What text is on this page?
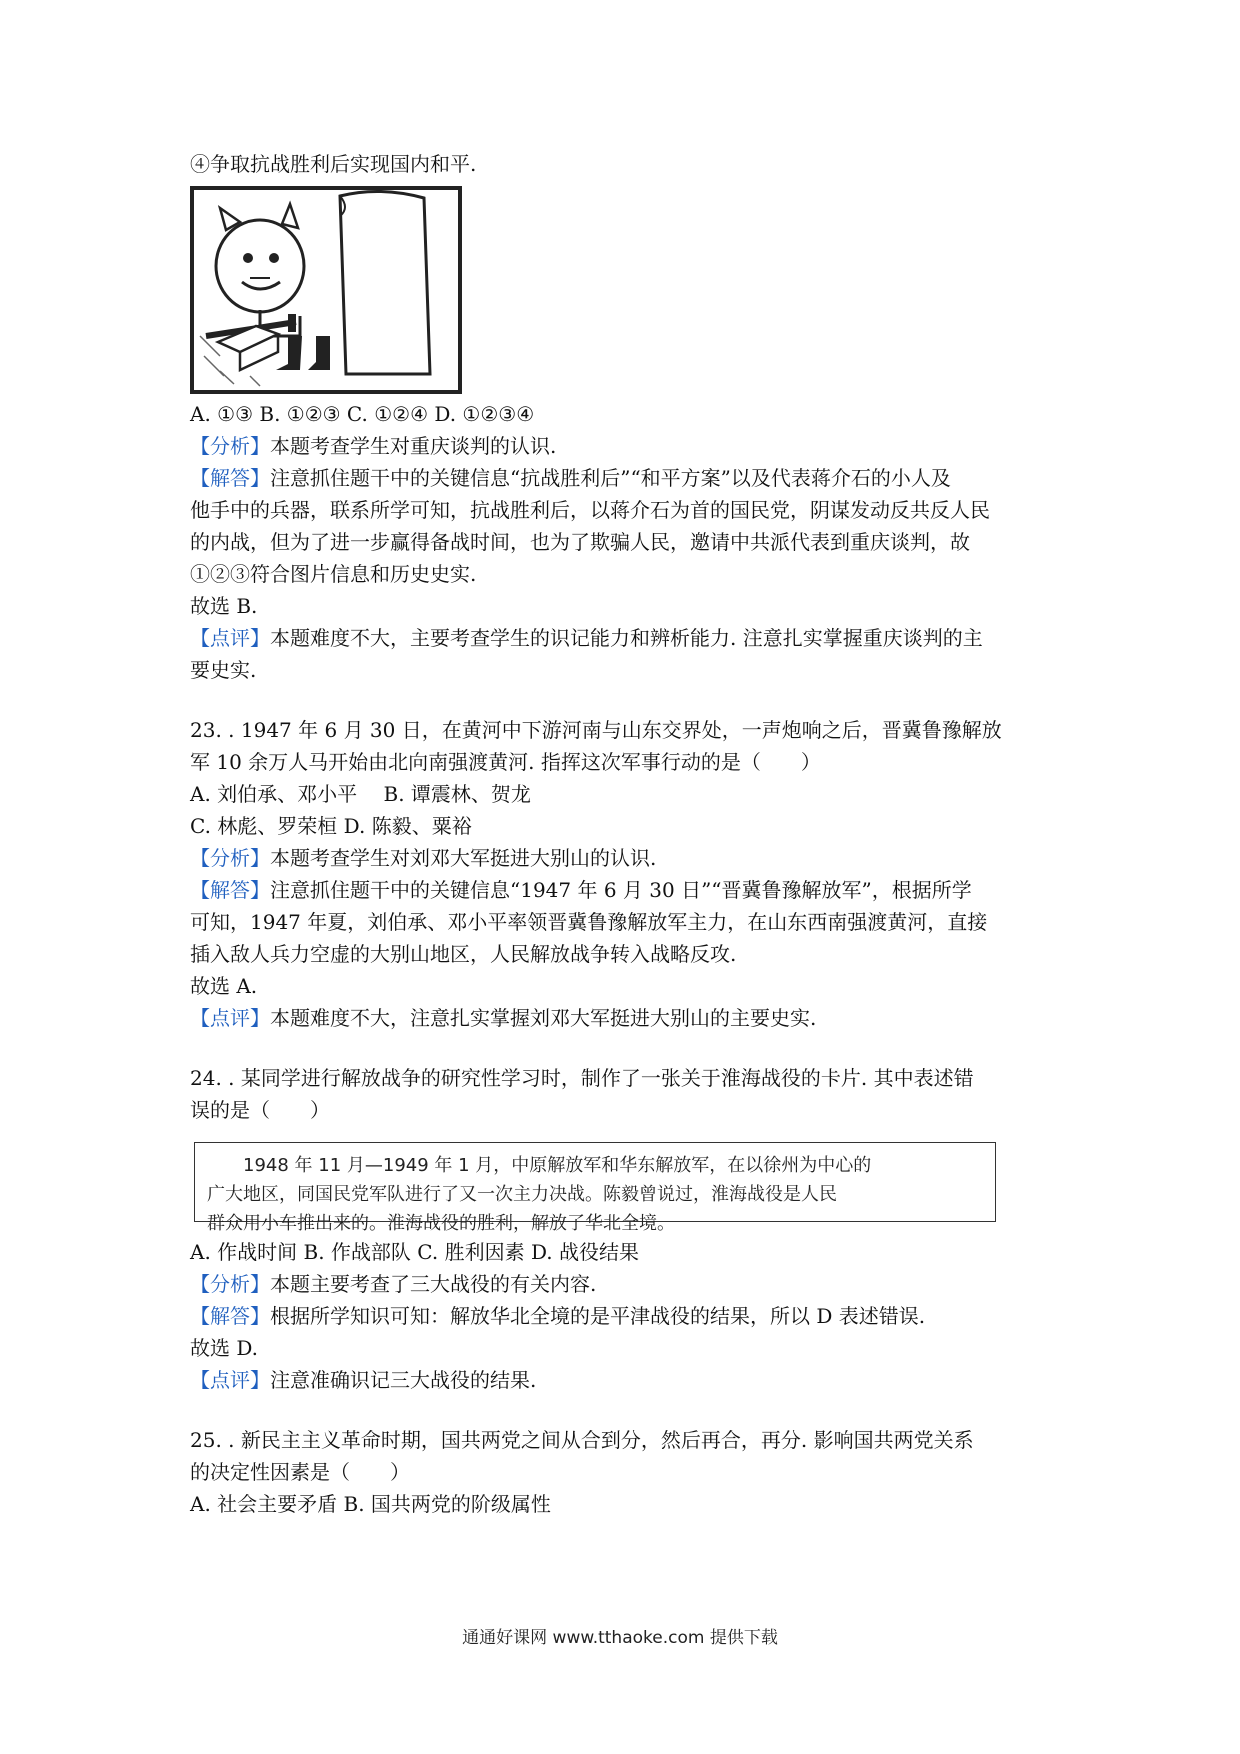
④争取抗战胜利后实现国内和平.
A. ①③ B. ①②③ C. ①②④ D. ①②③④
【分析】本题考查学生对重庆谈判的认识.
【解答】注意抓住题干中的关键信息“抗战胜利后”“和平方案”以及代表蒋介石的小人及
他手中的兵器，联系所学可知，抗战胜利后，以蒋介石为首的国民党，阴谋发动反共反人民
的内战，但为了进一步赢得备战时间，也为了欺骗人民，邀请中共派代表到重庆谈判，故
①②③符合图片信息和历史史实.
故选 B.
【点评】本题难度不大，主要考查学生的识记能力和辨析能力. 注意扎实掌握重庆谈判的主
要史实.
23. . 1947 年 6 月 30 日，在黄河中下游河南与山东交界处，一声炮响之后，晋冀鲁豫解放
军 10 余万人马开始由北向南强渡黄河. 指挥这次军事行动的是（　　）
A. 刘伯承、邓小平　 B. 谭震林、贺龙
C. 林彪、罗荣桓 D. 陈毅、粟裕
【分析】本题考查学生对刘邓大军挺进大别山的认识.
【解答】注意抓住题干中的关键信息“1947 年 6 月 30 日”“晋冀鲁豫解放军”，根据所学
可知，1947 年夏，刘伯承、邓小平率领晋冀鲁豫解放军主力，在山东西南强渡黄河，直接
插入敌人兵力空虚的大别山地区，人民解放战争转入战略反攻.
故选 A.
【点评】本题难度不大，注意扎实掌握刘邓大军挺进大别山的主要史实.
24. . 某同学进行解放战争的研究性学习时，制作了一张关于淮海战役的卡片. 其中表述错
误的是（　　）
　　1948 年 11 月—1949 年 1 月，中原解放军和华东解放军，在以徐州为中心的
广大地区，同国民党军队进行了又一次主力决战。陈毅曾说过，淮海战役是人民
群众用小车推出来的。淮海战役的胜利，解放了华北全境。
A. 作战时间 B. 作战部队 C. 胜利因素 D. 战役结果
【分析】本题主要考查了三大战役的有关内容.
【解答】根据所学知识可知：解放华北全境的是平津战役的结果，所以 D 表述错误.
故选 D.
【点评】注意准确识记三大战役的结果.
25. . 新民主主义革命时期，国共两党之间从合到分，然后再合，再分. 影响国共两党关系
的决定性因素是（　　）
A. 社会主要矛盾 B. 国共两党的阶级属性
通通好课网 www.tthaoke.com 提供下载
